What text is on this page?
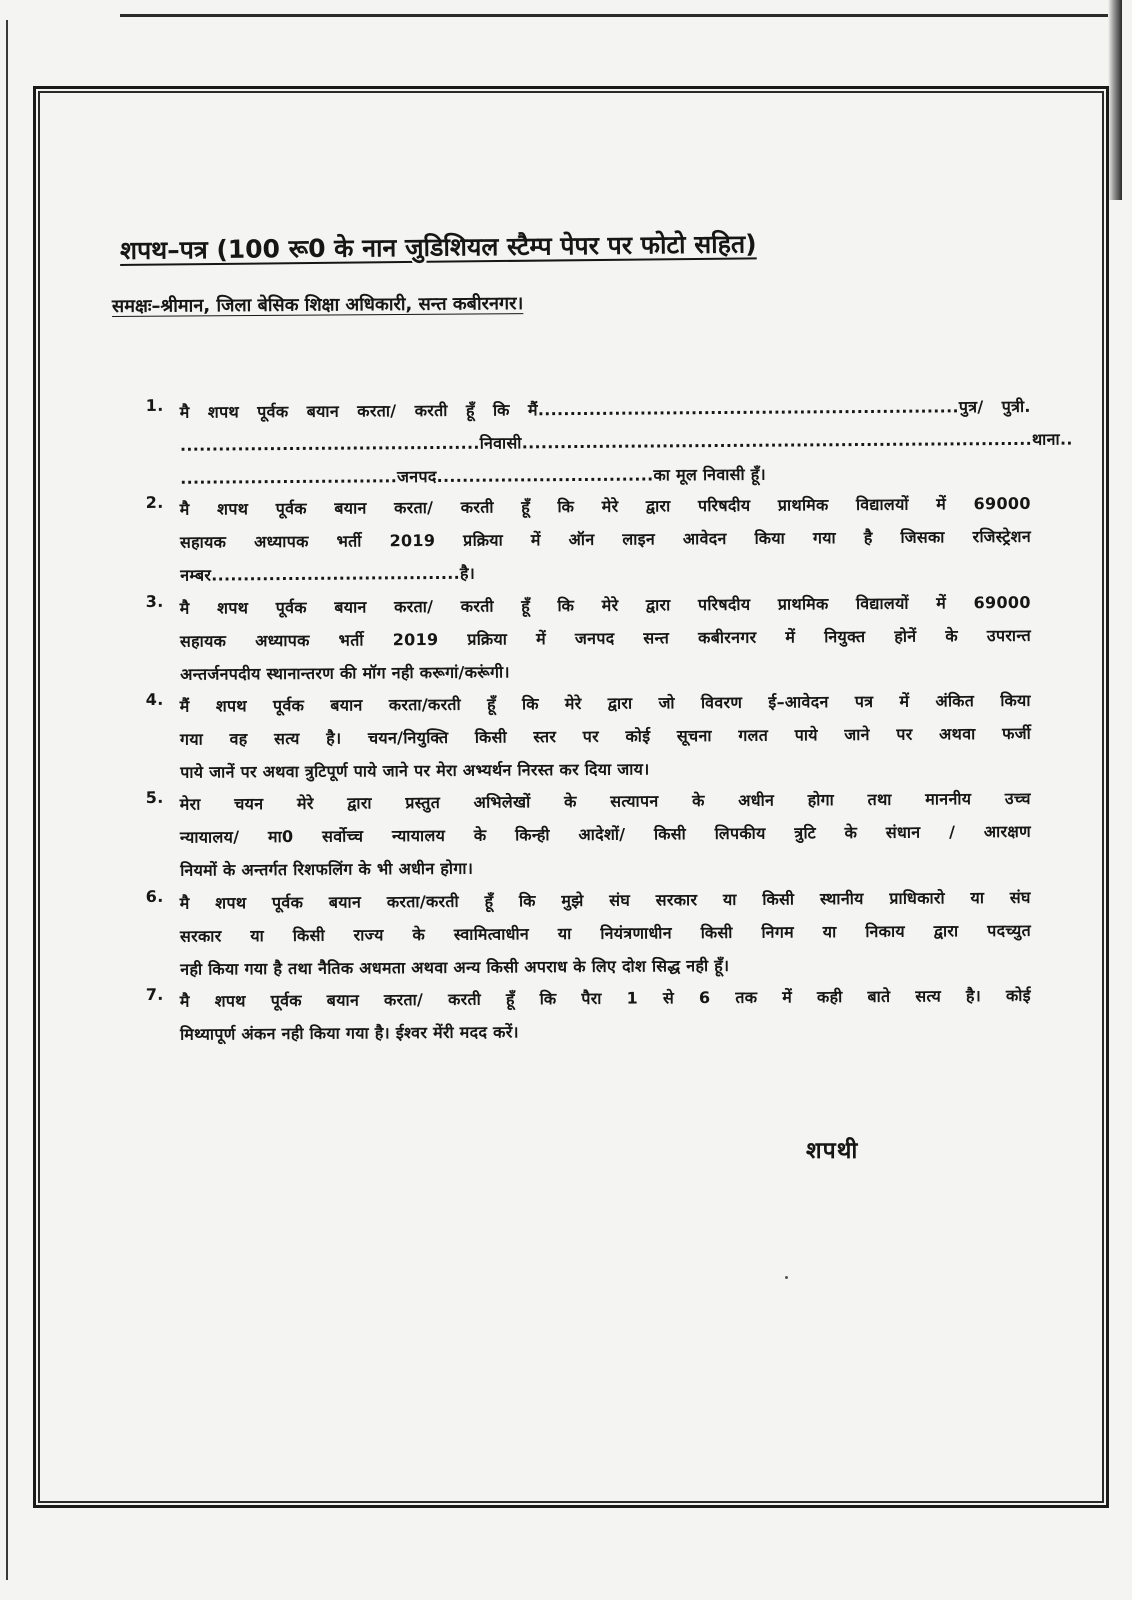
शपथ–पत्र (100 रू0 के नान जुडिशियल स्टैम्प पेपर पर फोटो सहित)
समक्षः–श्रीमान, जिला बेसिक शिक्षा अधिकारी, सन्त कबीरनगर।
1.	मै शपथ पूर्वक बयान करता/ करती हूँ कि मैं..................................................................पुत्र/ पुत्री.
...............................................निवासी................................................................................थाना..
..................................जनपद..................................का मूल निवासी हूँ।
2.	मै शपथ पूर्वक बयान करता/ करती हूँ कि मेरे द्वारा परिषदीय प्राथमिक विद्यालयों में 69000
सहायक अध्यापक भर्ती 2019 प्रक्रिया में ऑन लाइन आवेदन किया गया है जिसका रजिस्ट्रेशन
नम्बर.......................................है।
3.	मै शपथ पूर्वक बयान करता/ करती हूँ कि मेरे द्वारा परिषदीय प्राथमिक विद्यालयों में 69000
सहायक अध्यापक भर्ती 2019 प्रक्रिया में जनपद सन्त कबीरनगर में नियुक्त होनें के उपरान्त
अन्तर्जनपदीय स्थानान्तरण की मॉग नही करूगां/करूंगी।
4.	मैं शपथ पूर्वक बयान करता/करती हूँ कि मेरे द्वारा जो विवरण ई–आवेदन पत्र में अंकित किया
गया वह सत्य है। चयन/नियुक्ति किसी स्तर पर कोई सूचना गलत पाये जाने पर अथवा फर्जी
पाये जानें पर अथवा त्रुटिपूर्ण पाये जाने पर मेरा अभ्यर्थन निरस्त कर दिया जाय।
5.	मेरा चयन मेरे द्वारा प्रस्तुत अभिलेखों के सत्यापन के अधीन होगा तथा माननीय उच्च
न्यायालय/ मा0 सर्वोच्च न्यायालय के किन्ही आदेशों/ किसी लिपकीय त्रुटि के संधान / आरक्षण
नियमों के अन्तर्गत रिशफलिंग के भी अधीन होगा।
6.	मै शपथ पूर्वक बयान करता/करती हूँ कि मुझे संघ सरकार या किसी स्थानीय प्राधिकारो या संघ
सरकार या किसी राज्य के स्वामित्वाधीन या नियंत्रणाधीन किसी निगम या निकाय द्वारा पदच्युत
नही किया गया है तथा नैतिक अधमता अथवा अन्य किसी अपराध के लिए दोश सिद्ध नही हूँ।
7.	मै शपथ पूर्वक बयान करता/ करती हूँ कि पैरा 1 से 6 तक में कही बाते सत्य है। कोई
मिथ्यापूर्ण अंकन नही किया गया है। ईश्वर मेंरी मदद करें।
शपथी
